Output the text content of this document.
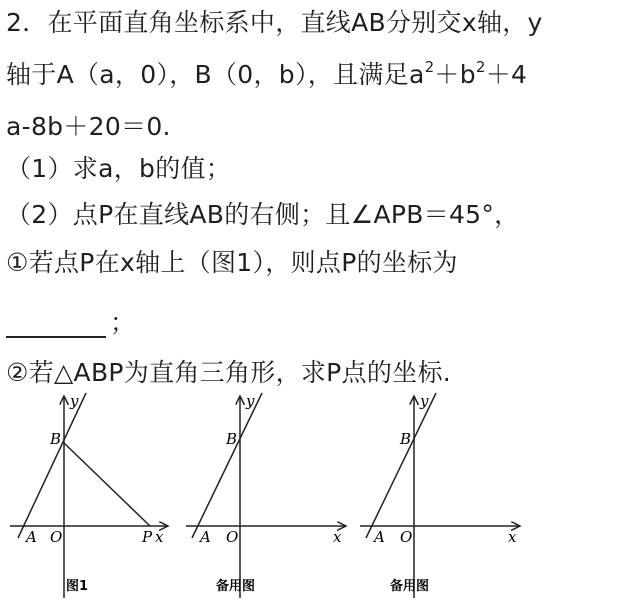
2．在平面直角坐标系中，直线AB分别交x轴，y
轴于A（a，0），B（0，b），且满足$a^2+b^2+4$
a-8b＋20＝0.
（1）求a，b的值；
（2）点P在直线AB的右侧；且∠APB＝45°，
①若点P在x轴上（图1），则点P的坐标为
；
②若△ABP为直角三角形，求P点的坐标.
y
B
A O	P x
图1
y
B
A O	x
备用图
y
B
A O	x
备用图
